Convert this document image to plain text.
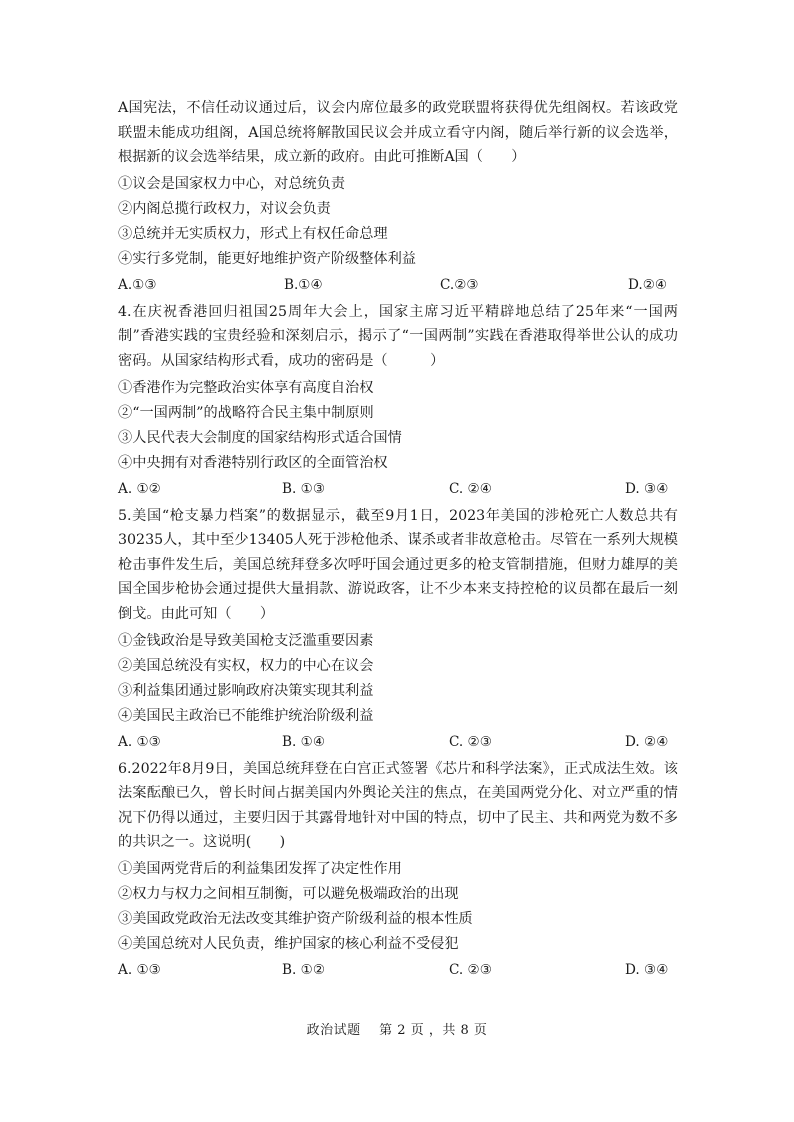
A国宪法，不信任动议通过后，议会内席位最多的政党联盟将获得优先组阁权。若该政党联盟未能成功组阁，A国总统将解散国民议会并成立看守内阁，随后举行新的议会选举，根据新的议会选举结果，成立新的政府。由此可推断A国（　　）

①议会是国家权力中心，对总统负责

②内阁总揽行政权力，对议会负责

③总统并无实质权力，形式上有权任命总理

④实行多党制，能更好地维护资产阶级整体利益

A.①③	B.①④	C.②③	D.②④

4.在庆祝香港回归祖国25周年大会上，国家主席习近平精辟地总结了25年来“一国两制”香港实践的宝贵经验和深刻启示，揭示了“一国两制”实践在香港取得举世公认的成功密码。从国家结构形式看，成功的密码是（　　　）

①香港作为完整政治实体享有高度自治权

②“一国两制”的战略符合民主集中制原则

③人民代表大会制度的国家结构形式适合国情

④中央拥有对香港特别行政区的全面管治权

A. ①②	B. ①③	C. ②④	D. ③④

5.美国“枪支暴力档案”的数据显示，截至9月1日，2023年美国的涉枪死亡人数总共有30235人，其中至少13405人死于涉枪他杀、谋杀或者非故意枪击。尽管在一系列大规模枪击事件发生后，美国总统拜登多次呼吁国会通过更多的枪支管制措施，但财力雄厚的美国全国步枪协会通过提供大量捐款、游说政客，让不少本来支持控枪的议员都在最后一刻倒戈。由此可知（　　）

①金钱政治是导致美国枪支泛滥重要因素

②美国总统没有实权，权力的中心在议会

③利益集团通过影响政府决策实现其利益

④美国民主政治已不能维护统治阶级利益

A. ①③	B. ①④	C. ②③	D. ②④

6.2022年8月9日，美国总统拜登在白宫正式签署《芯片和科学法案》，正式成法生效。该法案酝酿已久，曾长时间占据美国内外舆论关注的焦点，在美国两党分化、对立严重的情况下仍得以通过，主要归因于其露骨地针对中国的特点，切中了民主、共和两党为数不多的共识之一。这说明(　　)

①美国两党背后的利益集团发挥了决定性作用

②权力与权力之间相互制衡，可以避免极端政治的出现

③美国政党政治无法改变其维护资产阶级利益的根本性质

④美国总统对人民负责，维护国家的核心利益不受侵犯

A. ①③	B. ①②	C. ②③	D. ③④
政治试题 第 2 页 ，共 8 页
